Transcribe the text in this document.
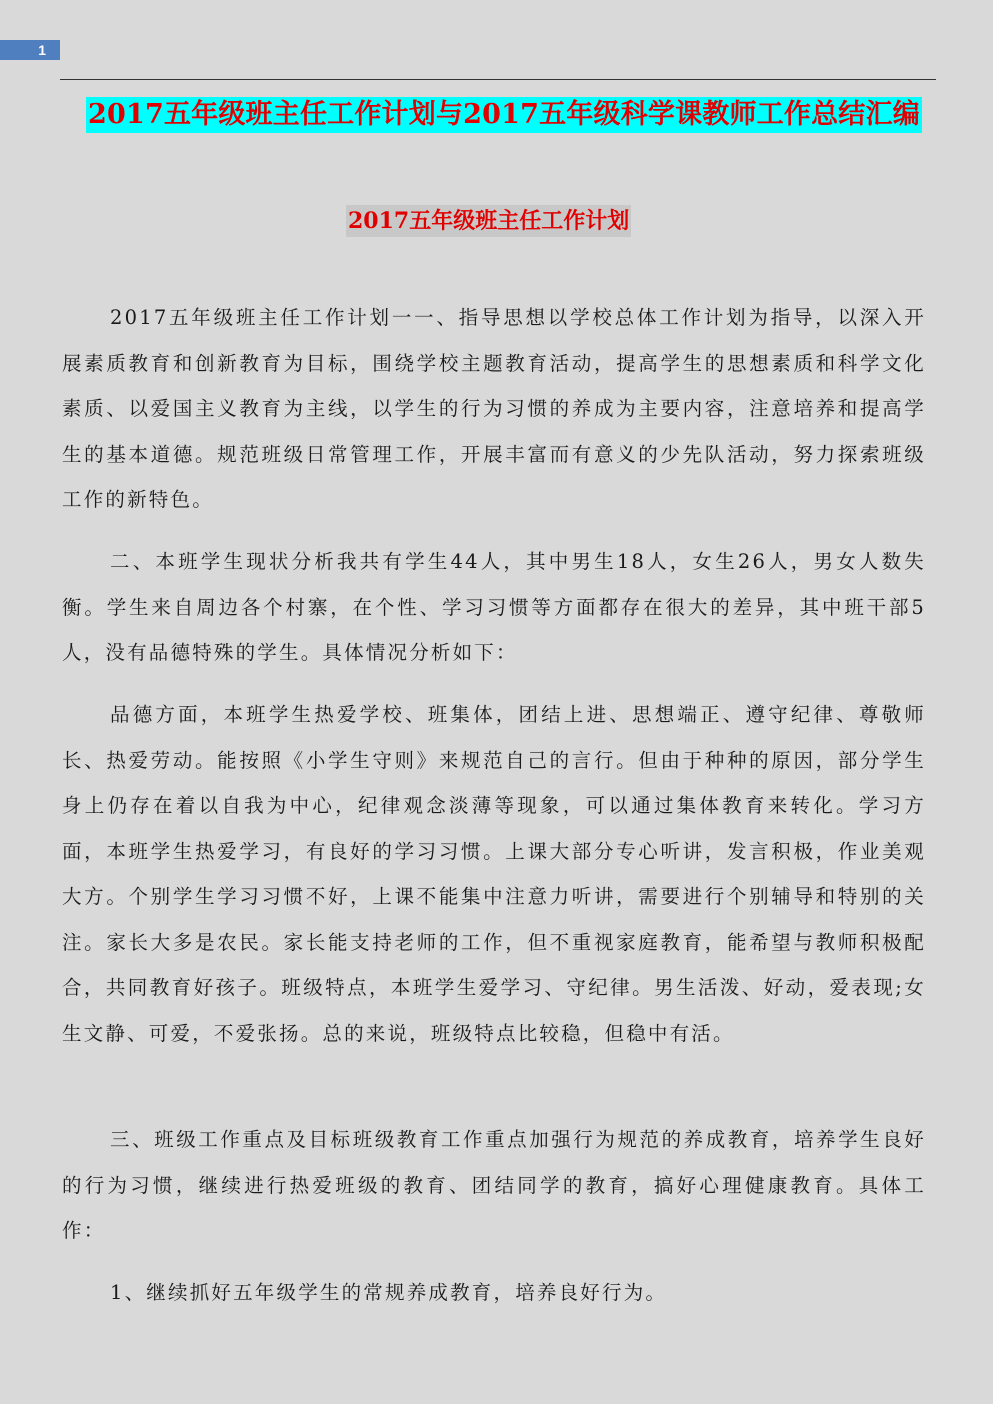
1
2017五年级班主任工作计划与2017五年级科学课教师工作总结汇编
2017五年级班主任工作计划

2017五年级班主任工作计划一一、指导思想以学校总体工作计划为指导，以深入开展素质教育和创新教育为目标，围绕学校主题教育活动，提高学生的思想素质和科学文化素质、以爱国主义教育为主线，以学生的行为习惯的养成为主要内容，注意培养和提高学生的基本道德。规范班级日常管理工作，开展丰富而有意义的少先队活动，努力探索班级工作的新特色。

二、本班学生现状分析我共有学生44人，其中男生18人，女生26人，男女人数失衡。学生来自周边各个村寨，在个性、学习习惯等方面都存在很大的差异，其中班干部5人，没有品德特殊的学生。具体情况分析如下：

品德方面，本班学生热爱学校、班集体，团结上进、思想端正、遵守纪律、尊敬师长、热爱劳动。能按照《小学生守则》来规范自己的言行。但由于种种的原因，部分学生身上仍存在着以自我为中心，纪律观念淡薄等现象，可以通过集体教育来转化。学习方面，本班学生热爱学习，有良好的学习习惯。上课大部分专心听讲，发言积极，作业美观大方。个别学生学习习惯不好，上课不能集中注意力听讲，需要进行个别辅导和特别的关注。家长大多是农民。家长能支持老师的工作，但不重视家庭教育，能希望与教师积极配合，共同教育好孩子。班级特点，本班学生爱学习、守纪律。男生活泼、好动，爱表现;女生文静、可爱，不爱张扬。总的来说，班级特点比较稳，但稳中有活。

三、班级工作重点及目标班级教育工作重点加强行为规范的养成教育，培养学生良好的行为习惯，继续进行热爱班级的教育、团结同学的教育，搞好心理健康教育。具体工作：

1、继续抓好五年级学生的常规养成教育，培养良好行为。
